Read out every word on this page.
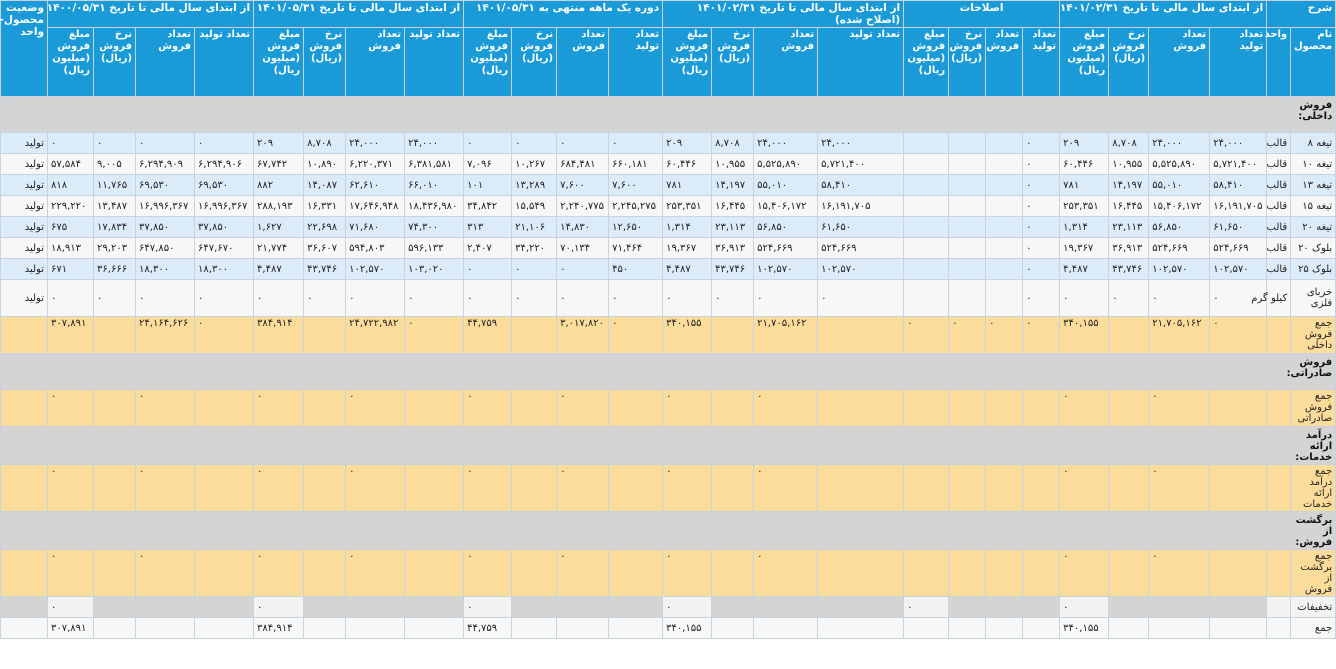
شرح		از ابتدای سال مالی تا تاریخ ۱۴۰۱/۰۲/۳۱				اصلاحات				از ابتدای سال مالی تا تاریخ ۱۴۰۱/۰۲/۳۱ (اصلاح شده)				دوره یک ماهه منتهی به ۱۴۰۱/۰۵/۳۱				از ابتدای سال مالی تا تاریخ ۱۴۰۱/۰۵/۳۱				از ابتدای سال مالی تا تاریخ ۱۴۰۰/۰۵/۳۱				وضعیت محصول- واحد
نام محصول	واحد	تعداد تولید	تعداد فروش	نرخ فروش (ریال)	مبلغ فروش (میلیون ریال)	تعداد تولید	تعداد فروش	نرخ فروش (ریال)	مبلغ فروش (میلیون ریال)	تعداد تولید	تعداد فروش	نرخ فروش (ریال)	مبلغ فروش (میلیون ریال)	تعداد تولید	تعداد فروش	نرخ فروش (ریال)	مبلغ فروش (میلیون ریال)	تعداد تولید	تعداد فروش	نرخ فروش (ریال)	مبلغ فروش (میلیون ریال)	تعداد تولید	تعداد فروش	نرخ فروش (ریال)	مبلغ فروش (میلیون ریال)	
فروش داخلی:																										
تیغه ۸	قالب	۲۴,۰۰۰	۲۴,۰۰۰	۸,۷۰۸	۲۰۹	۰				۲۴,۰۰۰	۲۴,۰۰۰	۸,۷۰۸	۲۰۹	۰	۰	۰	۰	۲۴,۰۰۰	۲۴,۰۰۰	۸,۷۰۸	۲۰۹	۰	۰	۰	۰	تولید
تیغه ۱۰	قالب	۵,۷۲۱,۴۰۰	۵,۵۲۵,۸۹۰	۱۰,۹۵۵	۶۰,۴۴۶	۰				۵,۷۲۱,۴۰۰	۵,۵۲۵,۸۹۰	۱۰,۹۵۵	۶۰,۴۴۶	۶۶۰,۱۸۱	۶۸۴,۴۸۱	۱۰,۲۶۷	۷,۰۹۶	۶,۳۸۱,۵۸۱	۶,۲۲۰,۳۷۱	۱۰,۸۹۰	۶۷,۷۴۲	۶,۲۹۴,۹۰۶	۶,۲۹۴,۹۰۹	۹,۰۰۵	۵۷,۵۸۴	تولید
تیغه ۱۳	قالب	۵۸,۴۱۰	۵۵,۰۱۰	۱۴,۱۹۷	۷۸۱	۰				۵۸,۴۱۰	۵۵,۰۱۰	۱۴,۱۹۷	۷۸۱	۷,۶۰۰	۷,۶۰۰	۱۳,۲۸۹	۱۰۱	۶۶,۰۱۰	۶۲,۶۱۰	۱۴,۰۸۷	۸۸۲	۶۹,۵۳۰	۶۹,۵۳۰	۱۱,۷۶۵	۸۱۸	تولید
تیغه ۱۵	قالب	۱۶,۱۹۱,۷۰۵	۱۵,۴۰۶,۱۷۲	۱۶,۴۴۵	۲۵۳,۳۵۱	۰				۱۶,۱۹۱,۷۰۵	۱۵,۴۰۶,۱۷۲	۱۶,۴۴۵	۲۵۳,۳۵۱	۲,۲۴۵,۲۷۵	۲,۲۴۰,۷۷۵	۱۵,۵۴۹	۳۴,۸۴۲	۱۸,۴۳۶,۹۸۰	۱۷,۶۴۶,۹۴۸	۱۶,۳۳۱	۲۸۸,۱۹۳	۱۶,۹۹۶,۳۶۷	۱۶,۹۹۶,۳۶۷	۱۳,۴۸۷	۲۲۹,۲۲۰	تولید
تیغه ۲۰	قالب	۶۱,۶۵۰	۵۶,۸۵۰	۲۳,۱۱۳	۱,۳۱۴	۰				۶۱,۶۵۰	۵۶,۸۵۰	۲۳,۱۱۳	۱,۳۱۴	۱۲,۶۵۰	۱۴,۸۳۰	۲۱,۱۰۶	۳۱۳	۷۴,۳۰۰	۷۱,۶۸۰	۲۲,۶۹۸	۱,۶۲۷	۳۷,۸۵۰	۳۷,۸۵۰	۱۷,۸۳۴	۶۷۵	تولید
بلوک ۲۰	قالب	۵۲۴,۶۶۹	۵۲۴,۶۶۹	۳۶,۹۱۳	۱۹,۳۶۷	۰				۵۲۴,۶۶۹	۵۲۴,۶۶۹	۳۶,۹۱۳	۱۹,۳۶۷	۷۱,۴۶۴	۷۰,۱۳۴	۳۴,۲۲۰	۲,۴۰۷	۵۹۶,۱۳۳	۵۹۴,۸۰۳	۳۶,۶۰۷	۲۱,۷۷۴	۶۴۷,۶۷۰	۶۴۷,۸۵۰	۲۹,۲۰۳	۱۸,۹۱۳	تولید
بلوک ۲۵	قالب	۱۰۲,۵۷۰	۱۰۲,۵۷۰	۴۳,۷۴۶	۴,۴۸۷	۰				۱۰۲,۵۷۰	۱۰۲,۵۷۰	۴۳,۷۴۶	۴,۴۸۷	۴۵۰	۰	۰	۰	۱۰۳,۰۲۰	۱۰۲,۵۷۰	۴۳,۷۴۶	۴,۴۸۷	۱۸,۳۰۰	۱۸,۳۰۰	۳۶,۶۶۶	۶۷۱	تولید
خربای فلزی	کیلو گرم	۰	۰	۰	۰	۰				۰	۰	۰	۰	۰	۰	۰	۰	۰	۰	۰	۰	۰	۰	۰	۰	تولید
جمع فروش داخلی		۰	۲۱,۷۰۵,۱۶۲		۳۴۰,۱۵۵	۰	۰	۰	۰		۲۱,۷۰۵,۱۶۲		۳۴۰,۱۵۵	۰	۳,۰۱۷,۸۲۰		۴۴,۷۵۹	۰	۲۴,۷۲۲,۹۸۲		۳۸۴,۹۱۴	۰	۲۴,۱۶۴,۶۲۶		۳۰۷,۸۹۱	
فروش صادراتی:																										
جمع فروش صادراتی			۰		۰						۰		۰		۰		۰		۰		۰		۰		۰	
درآمد ارائه خدمات:																										
جمع درآمد ارائه خدمات			۰		۰						۰		۰		۰		۰		۰		۰		۰		۰	
برگشت از فروش:																										
جمع برگشت از فروش			۰		۰						۰		۰		۰		۰		۰		۰		۰		۰	
تخفیفات					۰				۰				۰				۰				۰				۰	
جمع					۳۴۰,۱۵۵								۳۴۰,۱۵۵				۴۴,۷۵۹				۳۸۴,۹۱۴				۳۰۷,۸۹۱	
